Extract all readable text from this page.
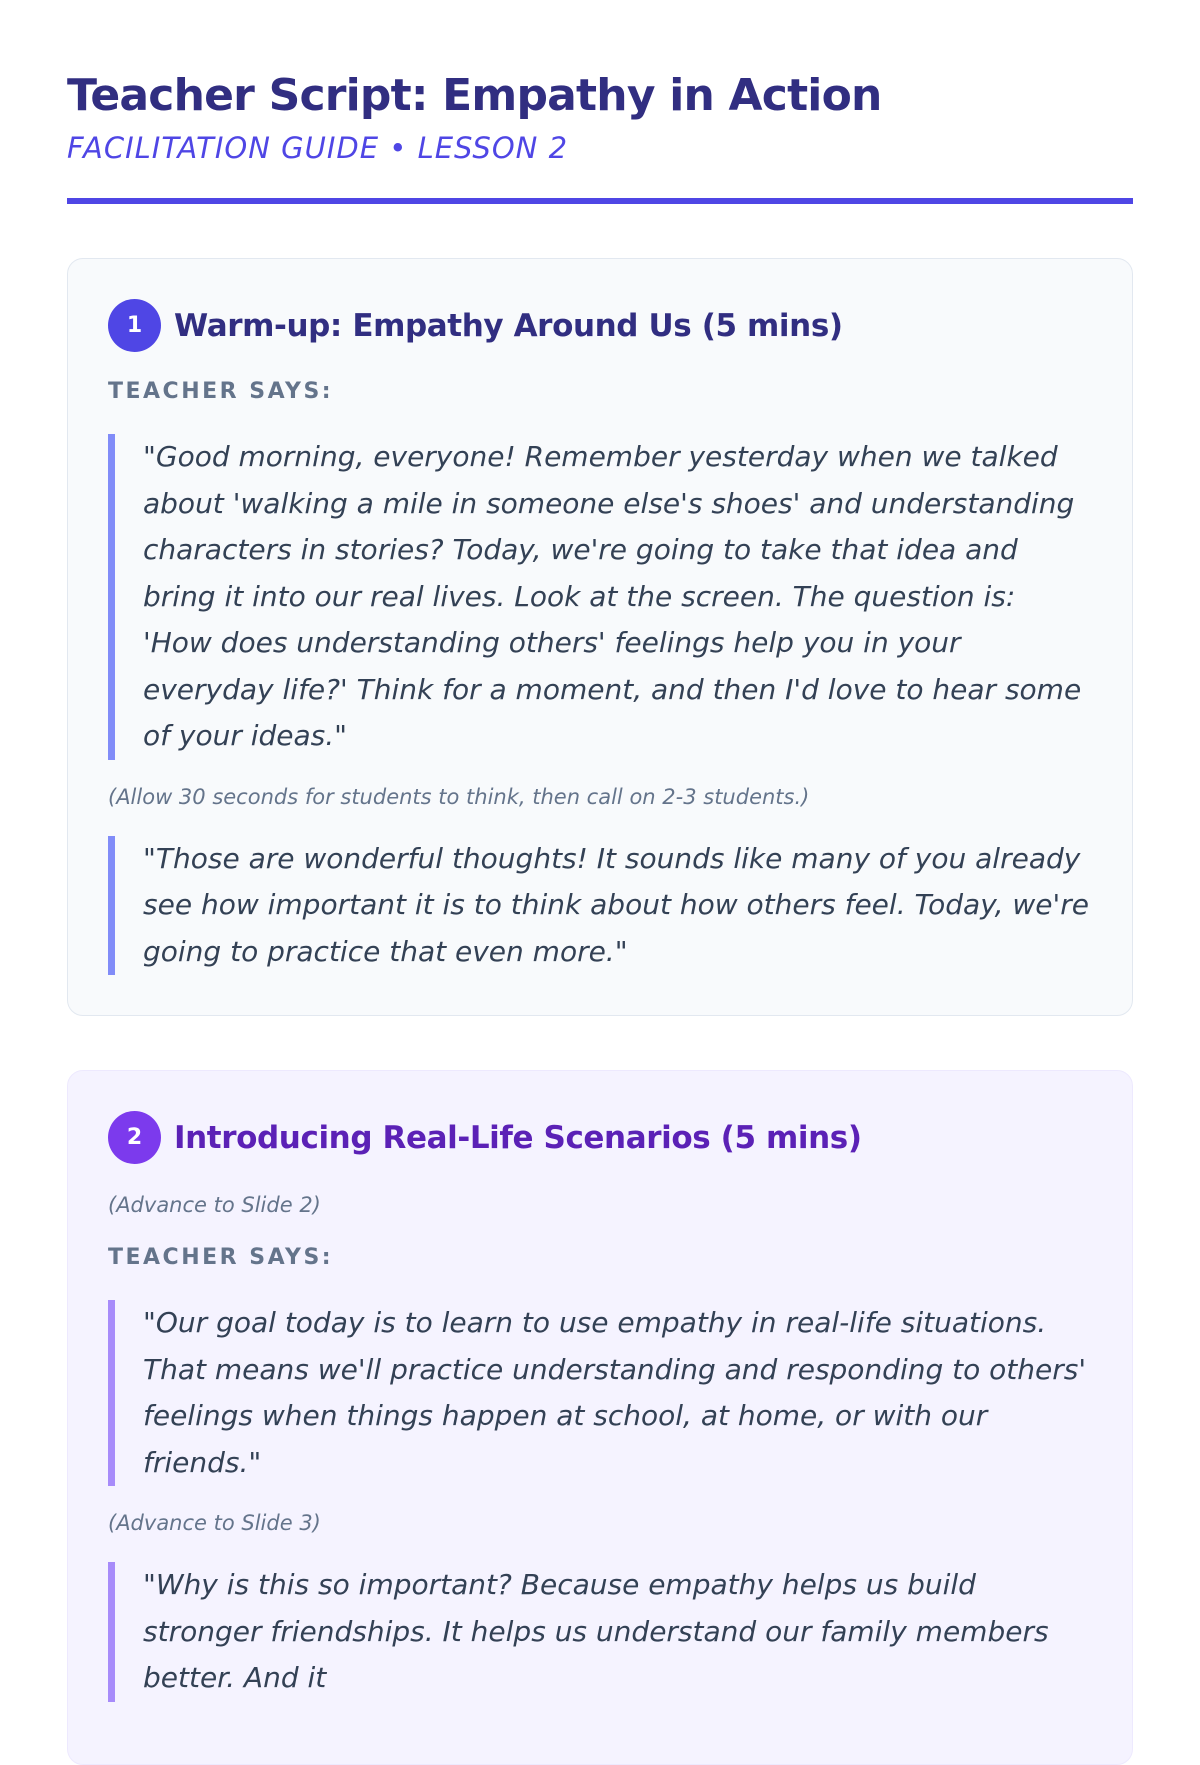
Teacher Script: Empathy in Action
FACILITATION GUIDE • LESSON 2
1	Warm-up: Empathy Around Us (5 mins)
TEACHER SAYS:

"Good morning, everyone! Remember yesterday when we talked about 'walking a mile in someone else's shoes' and understanding characters in stories? Today, we're going to take that idea and bring it into our real lives. Look at the screen. The question is: 'How does understanding others' feelings help you in your everyday life?' Think for a moment, and then I'd love to hear some of your ideas."

(Allow 30 seconds for students to think, then call on 2-3 students.)

"Those are wonderful thoughts! It sounds like many of you already see how important it is to think about how others feel. Today, we're going to practice that even more."

2	Introducing Real-Life Scenarios (5 mins)

(Advance to Slide 2)

TEACHER SAYS:

"Our goal today is to learn to use empathy in real-life situations. That means we'll practice understanding and responding to others' feelings when things happen at school, at home, or with our friends."

(Advance to Slide 3)

"Why is this so important? Because empathy helps us build stronger friendships. It helps us understand our family members better. And it
